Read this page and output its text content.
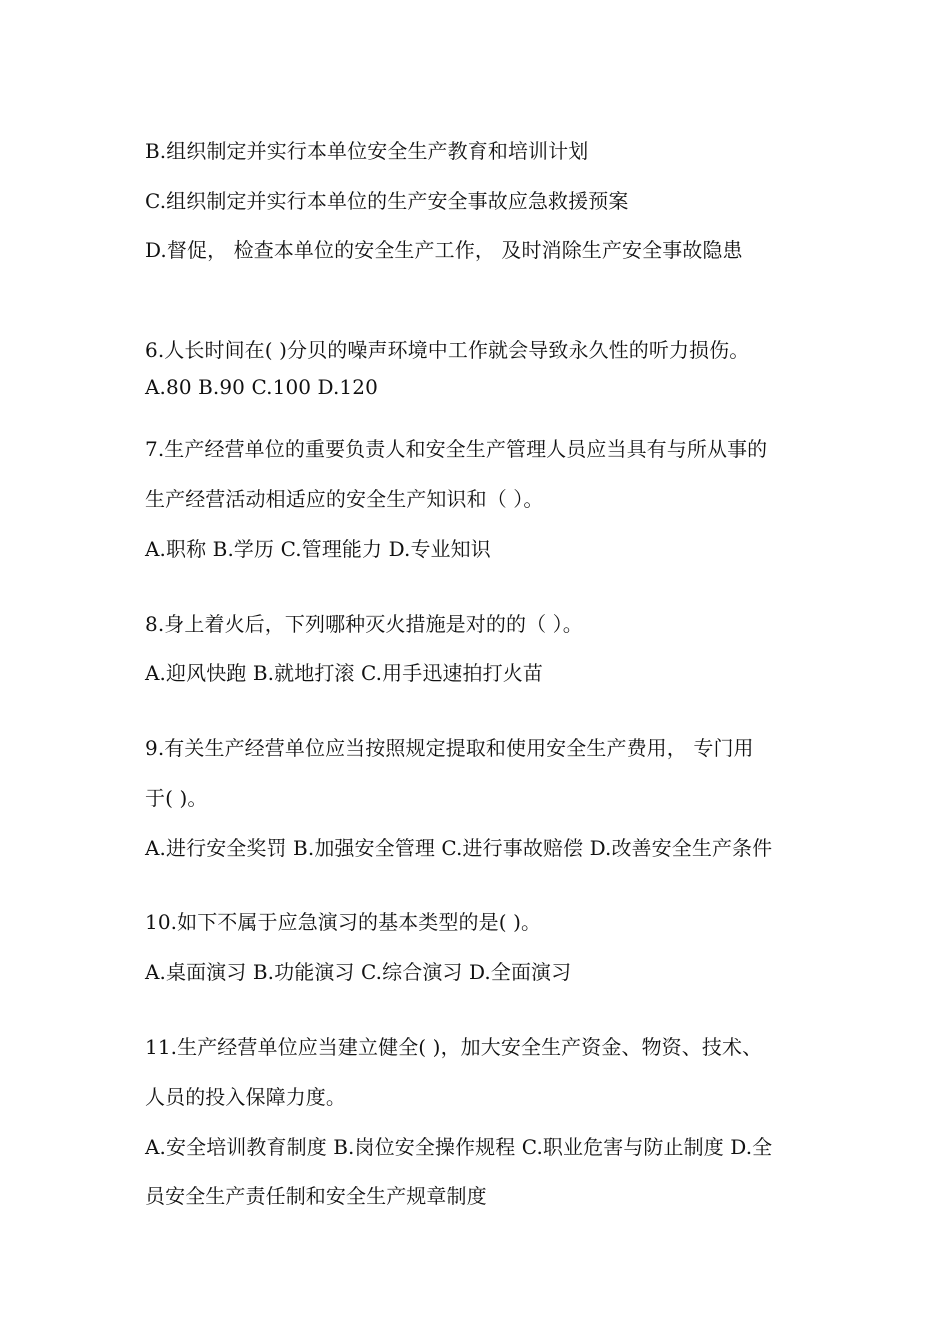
B.组织制定并实行本单位安全生产教育和培训计划
C.组织制定并实行本单位的生产安全事故应急救援预案
D.督促， 检查本单位的安全生产工作， 及时消除生产安全事故隐患
6.人长时间在( )分贝的噪声环境中工作就会导致永久性的听力损伤。
A.80 B.90 C.100 D.120
7.生产经营单位的重要负责人和安全生产管理人员应当具有与所从事的
生产经营活动相适应的安全生产知识和（ ）。
A.职称 B.学历 C.管理能力 D.专业知识
8.身上着火后，下列哪种灭火措施是对的的（ ）。
A.迎风快跑 B.就地打滚 C.用手迅速拍打火苗
9.有关生产经营单位应当按照规定提取和使用安全生产费用， 专门用
于( )。
A.进行安全奖罚 B.加强安全管理 C.进行事故赔偿 D.改善安全生产条件
10.如下不属于应急演习的基本类型的是( )。
A.桌面演习 B.功能演习 C.综合演习 D.全面演习
11.生产经营单位应当建立健全( )，加大安全生产资金、物资、技术、
人员的投入保障力度。
A.安全培训教育制度 B.岗位安全操作规程 C.职业危害与防止制度 D.全
员安全生产责任制和安全生产规章制度
